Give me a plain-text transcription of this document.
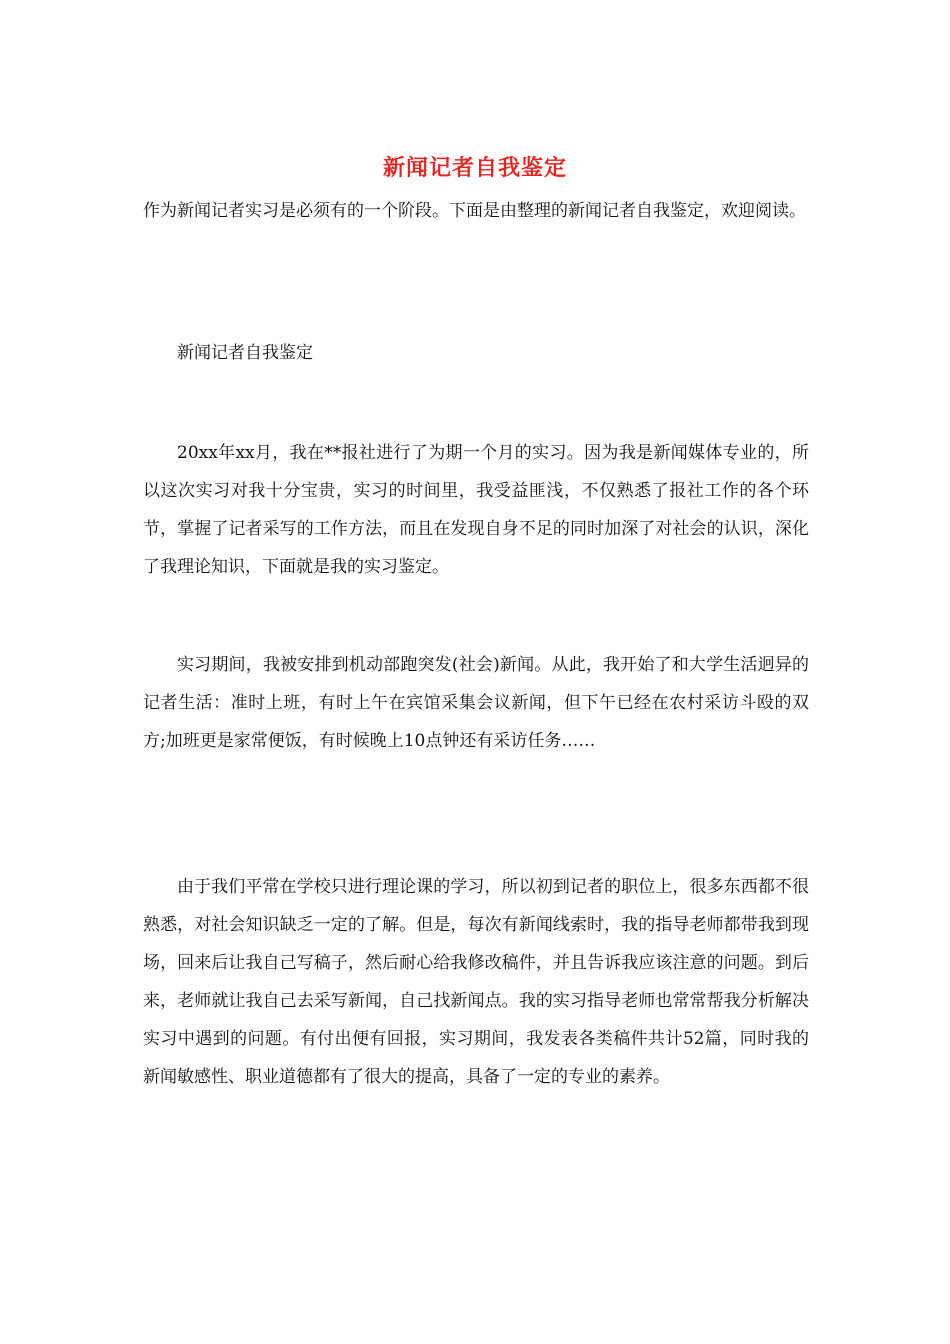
新闻记者自我鉴定
作为新闻记者实习是必须有的一个阶段。下面是由整理的新闻记者自我鉴定，欢迎阅读。
新闻记者自我鉴定
20xx年xx月，我在**报社进行了为期一个月的实习。因为我是新闻媒体专业的，所以这次实习对我十分宝贵，实习的时间里，我受益匪浅，不仅熟悉了报社工作的各个环节，掌握了记者采写的工作方法，而且在发现自身不足的同时加深了对社会的认识，深化了我理论知识，下面就是我的实习鉴定。
实习期间，我被安排到机动部跑突发(社会)新闻。从此，我开始了和大学生活迥异的记者生活：准时上班，有时上午在宾馆采集会议新闻，但下午已经在农村采访斗殴的双方;加班更是家常便饭，有时候晚上10点钟还有采访任务……
由于我们平常在学校只进行理论课的学习，所以初到记者的职位上，很多东西都不很熟悉，对社会知识缺乏一定的了解。但是，每次有新闻线索时，我的指导老师都带我到现场，回来后让我自己写稿子，然后耐心给我修改稿件，并且告诉我应该注意的问题。到后来，老师就让我自己去采写新闻，自己找新闻点。我的实习指导老师也常常帮我分析解决实习中遇到的问题。有付出便有回报，实习期间，我发表各类稿件共计52篇，同时我的新闻敏感性、职业道德都有了很大的提高，具备了一定的专业的素养。
